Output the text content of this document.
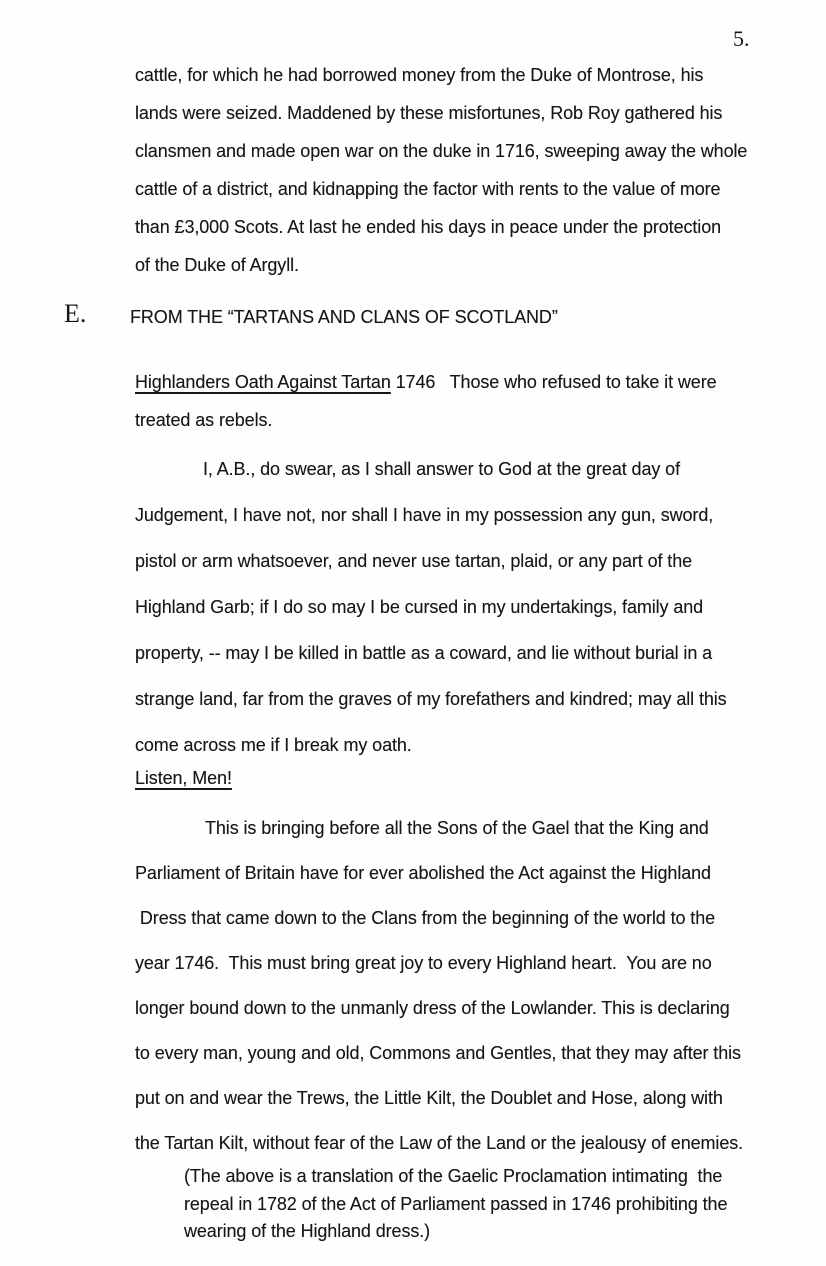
5.
cattle, for which he had borrowed money from the Duke of Montrose, his
lands were seized. Maddened by these misfortunes, Rob Roy gathered his
clansmen and made open war on the duke in 1716, sweeping away the whole
cattle of a district, and kidnapping the factor with rents to the value of more
than £3,000 Scots. At last he ended his days in peace under the protection
of the Duke of Argyll.
E. FROM THE “TARTANS AND CLANS OF SCOTLAND”
Highlanders Oath Against Tartan 1746   Those who refused to take it were
treated as rebels.
I, A.B., do swear, as I shall answer to God at the great day of
Judgement, I have not, nor shall I have in my possession any gun, sword,
pistol or arm whatsoever, and never use tartan, plaid, or any part of the
Highland Garb; if I do so may I be cursed in my undertakings, family and
property, -- may I be killed in battle as a coward, and lie without burial in a
strange land, far from the graves of my forefathers and kindred; may all this
come across me if I break my oath.
Listen, Men!
This is bringing before all the Sons of the Gael that the King and
Parliament of Britain have for ever abolished the Act against the Highland
Dress that came down to the Clans from the beginning of the world to the
year 1746.  This must bring great joy to every Highland heart.  You are no
longer bound down to the unmanly dress of the Lowlander. This is declaring
to every man, young and old, Commons and Gentles, that they may after this
put on and wear the Trews, the Little Kilt, the Doublet and Hose, along with
the Tartan Kilt, without fear of the Law of the Land or the jealousy of enemies.
(The above is a translation of the Gaelic Proclamation intimating  the
repeal in 1782 of the Act of Parliament passed in 1746 prohibiting the
wearing of the Highland dress.)
